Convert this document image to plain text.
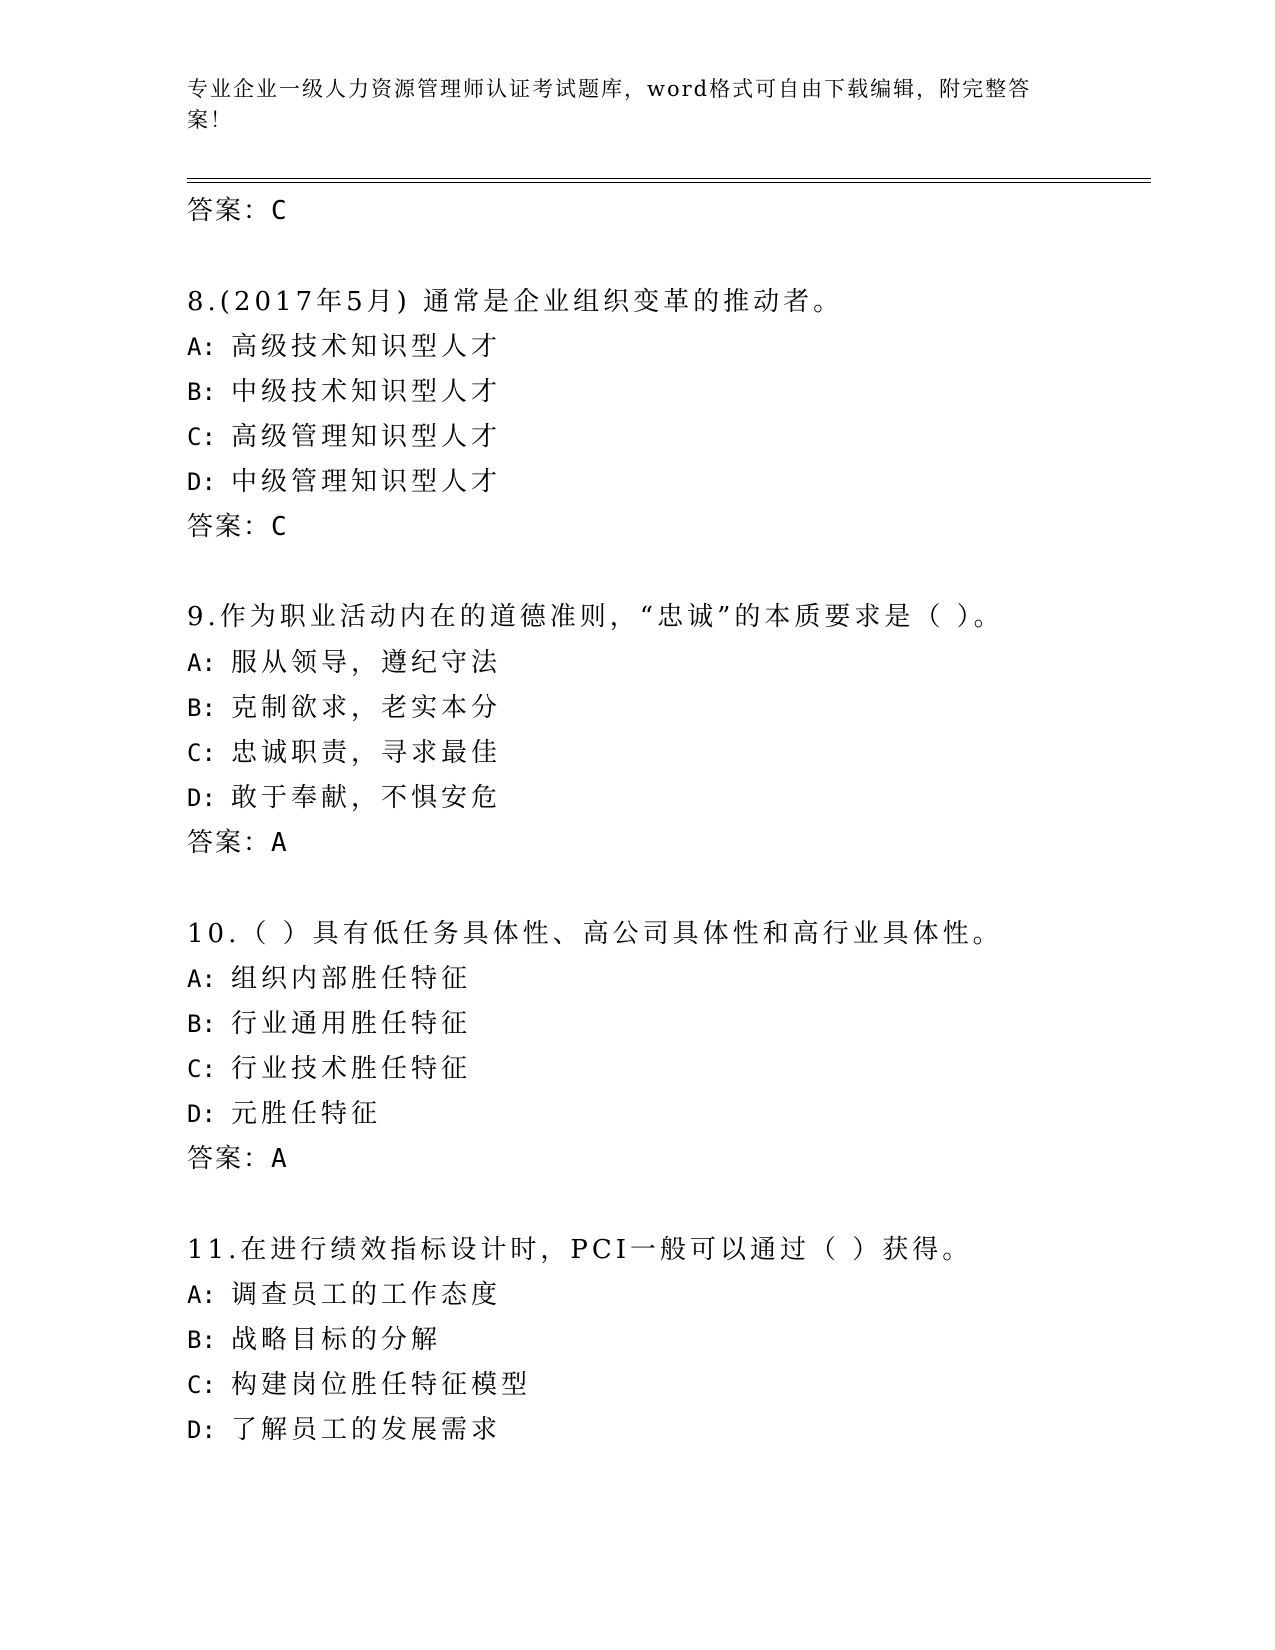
专业企业一级人力资源管理师认证考试题库，word格式可自由下载编辑，附完整答案！
答案：C
8.(2017年5月) 通常是企业组织变革的推动者。
A: 高级技术知识型人才
B: 中级技术知识型人才
C: 高级管理知识型人才
D: 中级管理知识型人才
答案：C
9.作为职业活动内在的道德准则，“忠诚”的本质要求是（ ）。
A: 服从领导，遵纪守法
B: 克制欲求，老实本分
C: 忠诚职责，寻求最佳
D: 敢于奉献，不惧安危
答案：A
10.（ ）具有低任务具体性、高公司具体性和高行业具体性。
A: 组织内部胜任特征
B: 行业通用胜任特征
C: 行业技术胜任特征
D: 元胜任特征
答案：A
11.在进行绩效指标设计时，PCI一般可以通过（ ）获得。
A: 调查员工的工作态度
B: 战略目标的分解
C: 构建岗位胜任特征模型
D: 了解员工的发展需求
